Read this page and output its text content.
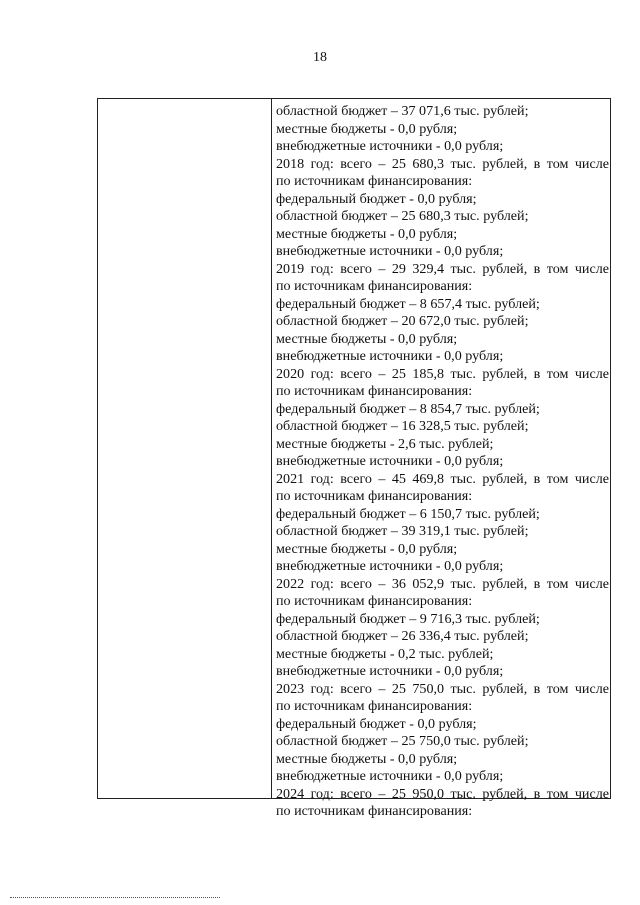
18
областной бюджет – 37 071,6 тыс. рублей;
местные бюджеты - 0,0 рубля;
внебюджетные источники - 0,0 рубля;
2018 год: всего – 25 680,3 тыс. рублей, в том числе
по источникам финансирования:
федеральный бюджет - 0,0 рубля;
областной бюджет – 25 680,3 тыс. рублей;
местные бюджеты - 0,0 рубля;
внебюджетные источники - 0,0 рубля;
2019 год: всего – 29 329,4 тыс. рублей, в том числе
по источникам финансирования:
федеральный бюджет – 8 657,4 тыс. рублей;
областной бюджет – 20 672,0 тыс. рублей;
местные бюджеты - 0,0 рубля;
внебюджетные источники - 0,0 рубля;
2020 год: всего – 25 185,8 тыс. рублей, в том числе
по источникам финансирования:
федеральный бюджет – 8 854,7 тыс. рублей;
областной бюджет – 16 328,5 тыс. рублей;
местные бюджеты - 2,6 тыс. рублей;
внебюджетные источники - 0,0 рубля;
2021 год: всего – 45 469,8 тыс. рублей, в том числе
по источникам финансирования:
федеральный бюджет – 6 150,7 тыс. рублей;
областной бюджет – 39 319,1 тыс. рублей;
местные бюджеты - 0,0 рубля;
внебюджетные источники - 0,0 рубля;
2022 год: всего – 36 052,9 тыс. рублей, в том числе
по источникам финансирования:
федеральный бюджет – 9 716,3 тыс. рублей;
областной бюджет – 26 336,4 тыс. рублей;
местные бюджеты - 0,2 тыс. рублей;
внебюджетные источники - 0,0 рубля;
2023 год: всего – 25 750,0 тыс. рублей, в том числе
по источникам финансирования:
федеральный бюджет - 0,0 рубля;
областной бюджет – 25 750,0 тыс. рублей;
местные бюджеты - 0,0 рубля;
внебюджетные источники - 0,0 рубля;
2024 год: всего – 25 950,0 тыс. рублей, в том числе
по источникам финансирования:
